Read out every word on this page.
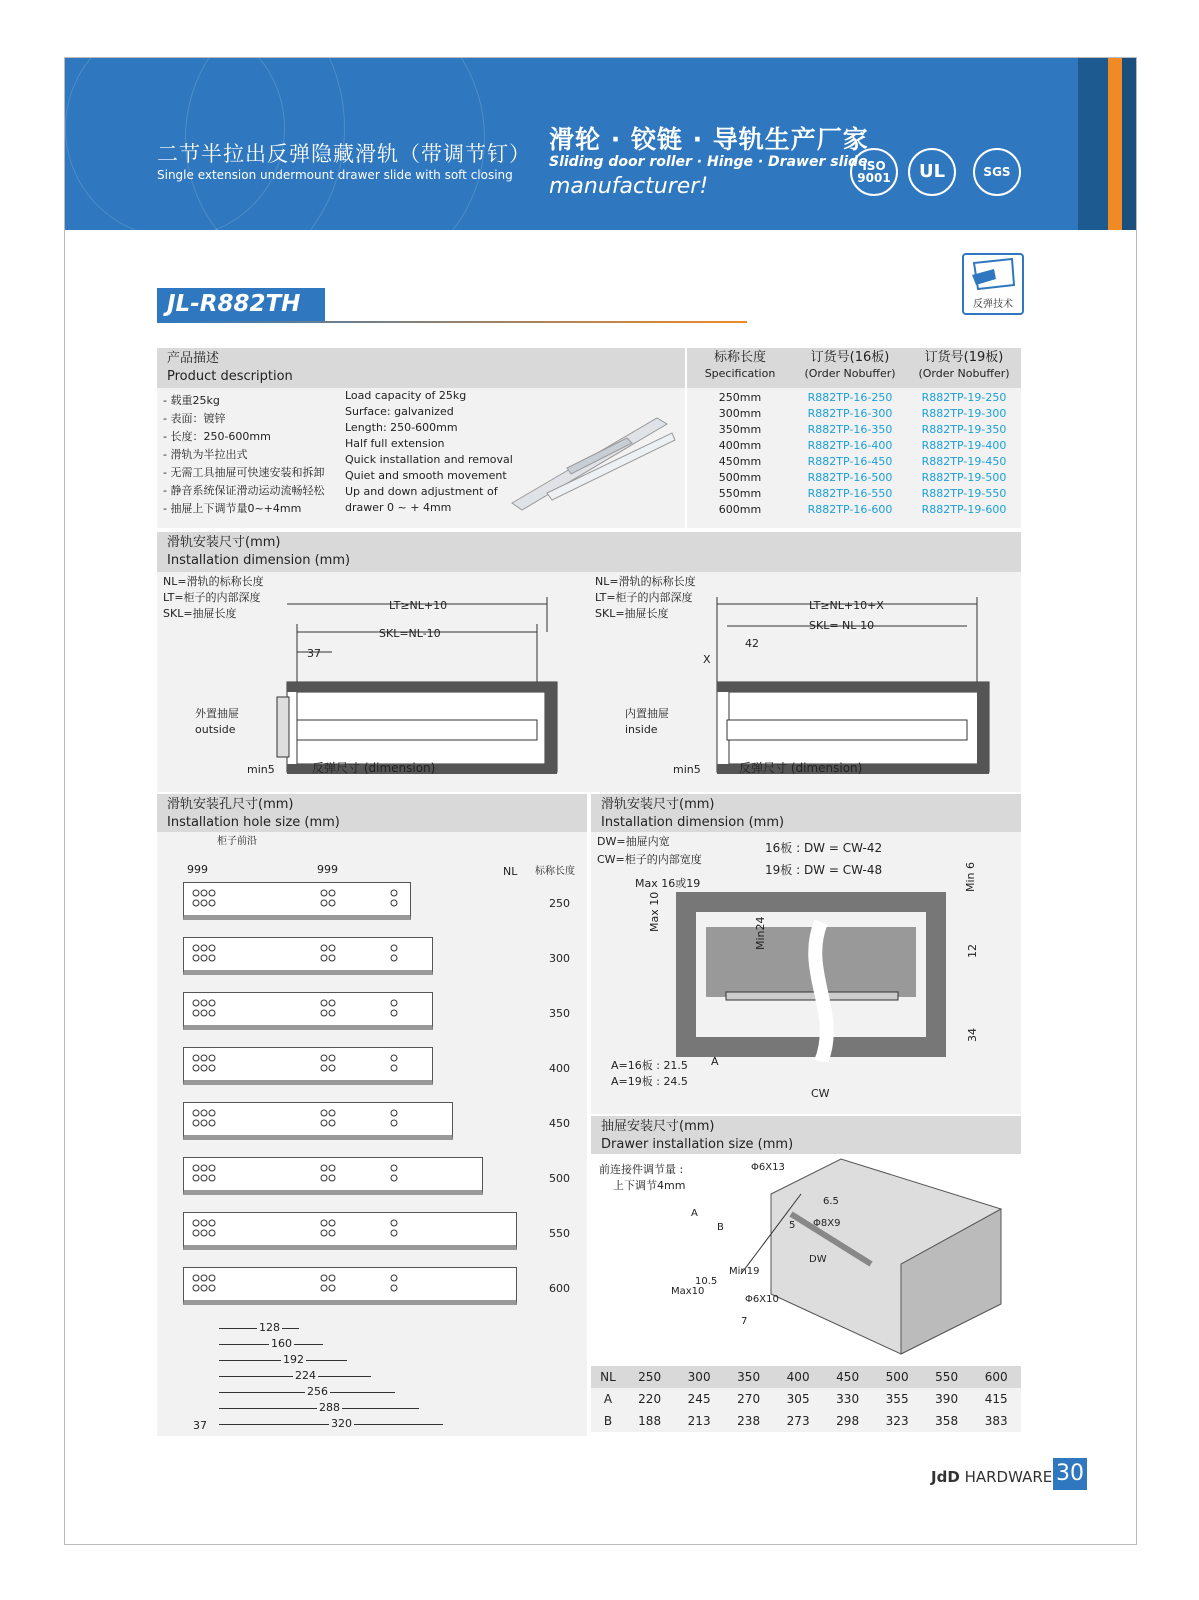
二节半拉出反弹隐藏滑轨（带调节钉）
Single extension undermount drawer slide with soft closing
滑轮 · 铰链 · 导轨生产厂家
Sliding door roller · Hinge · Drawer slide
manufacturer!
ISO 9001	UL	SGS
JL-R882TH	反弹技术
产品描述
Product description
标称长度	订货号(16板)	订货号(19板)
Specification	(Order Nobuffer)	(Order Nobuffer)
- 载重25kg
- 表面：镀锌
- 长度：250-600mm
- 滑轨为半拉出式
- 无需工具抽屉可快速安装和拆卸
- 静音系统保证滑动运动流畅轻松
- 抽屉上下调节量0~+4mm
Load capacity of 25kg
Surface: galvanized
Length: 250-600mm
Half full extension
Quick installation and removal
Quiet and smooth movement
Up and down adjustment of
drawer 0 ~ + 4mm
250mm	R882TP-16-250	R882TP-19-250
300mm	R882TP-16-300	R882TP-19-300
350mm	R882TP-16-350	R882TP-19-350
400mm	R882TP-16-400	R882TP-19-400
450mm	R882TP-16-450	R882TP-19-450
500mm	R882TP-16-500	R882TP-19-500
550mm	R882TP-16-550	R882TP-19-550
600mm	R882TP-16-600	R882TP-19-600
滑轨安装尺寸(mm)
Installation dimension (mm)
NL=滑轨的标称长度
LT=柜子的内部深度
SKL=抽屉长度
NL=滑轨的标称长度
LT=柜子的内部深度
SKL=抽屉长度
LT≥NL+10
SKL=NL-10
37
外置抽屉
outside
min5	反弹尺寸 (dimension)
LT≥NL+10+X
SKL= NL-10
42
X
内置抽屉
inside
min5	反弹尺寸 (dimension)
滑轨安装孔尺寸(mm)
Installation hole size (mm)
柜子前沿
999	999	NL 标称长度
250
300
350
400
450
500
550
600
128
160
192
224
256
288
320
37
滑轨安装尺寸(mm)
Installation dimension (mm)
DW=抽屉内宽
CW=柜子的内部宽度
16板 : DW = CW-42
19板 : DW = CW-48
Max 16或19
Max 10
Min24
Min 6
12
34
A=16板 : 21.5
A=19板 : 24.5
A
CW
抽屉安装尺寸(mm)
Drawer installation size (mm)
前连接件调节量 :
上下调节4mm
Φ6X13
6.5
Φ8X9
DW
Min19
10.5
Max10
Φ6X10
7
A
B	5
NL	250	300	350	400	450	500	550	600
A	220	245	270	305	330	355	390	415
B	188	213	238	273	298	323	358	383
JdD HARDWARE 30
